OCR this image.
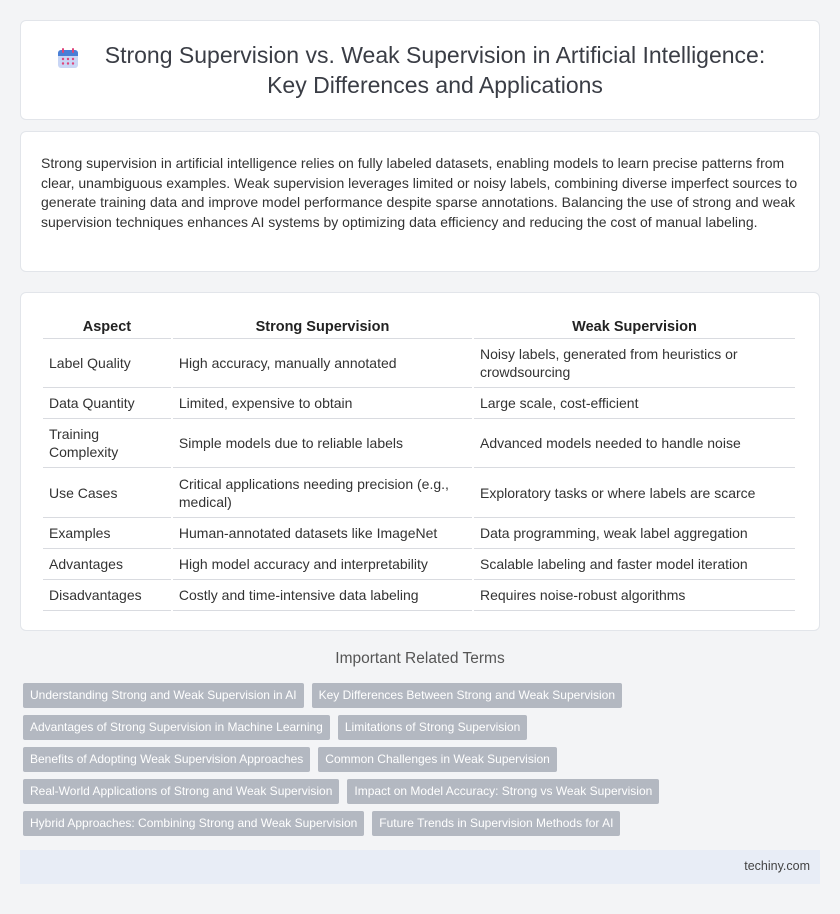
Strong Supervision vs. Weak Supervision in Artificial Intelligence: Key Differences and Applications

Strong supervision in artificial intelligence relies on fully labeled datasets, enabling models to learn precise patterns from clear, unambiguous examples. Weak supervision leverages limited or noisy labels, combining diverse imperfect sources to generate training data and improve model performance despite sparse annotations. Balancing the use of strong and weak supervision techniques enhances AI systems by optimizing data efficiency and reducing the cost of manual labeling.

Aspect	Strong Supervision	Weak Supervision
Label Quality	High accuracy, manually annotated	Noisy labels, generated from heuristics or crowdsourcing
Data Quantity	Limited, expensive to obtain	Large scale, cost-efficient
Training Complexity	Simple models due to reliable labels	Advanced models needed to handle noise
Use Cases	Critical applications needing precision (e.g., medical)	Exploratory tasks or where labels are scarce
Examples	Human-annotated datasets like ImageNet	Data programming, weak label aggregation
Advantages	High model accuracy and interpretability	Scalable labeling and faster model iteration
Disadvantages	Costly and time-intensive data labeling	Requires noise-robust algorithms
Important Related Terms
Understanding Strong and Weak Supervision in AI	Key Differences Between Strong and Weak Supervision
Advantages of Strong Supervision in Machine Learning	Limitations of Strong Supervision
Benefits of Adopting Weak Supervision Approaches	Common Challenges in Weak Supervision
Real-World Applications of Strong and Weak Supervision	Impact on Model Accuracy: Strong vs Weak Supervision
Hybrid Approaches: Combining Strong and Weak Supervision	Future Trends in Supervision Methods for AI
techiny.com
